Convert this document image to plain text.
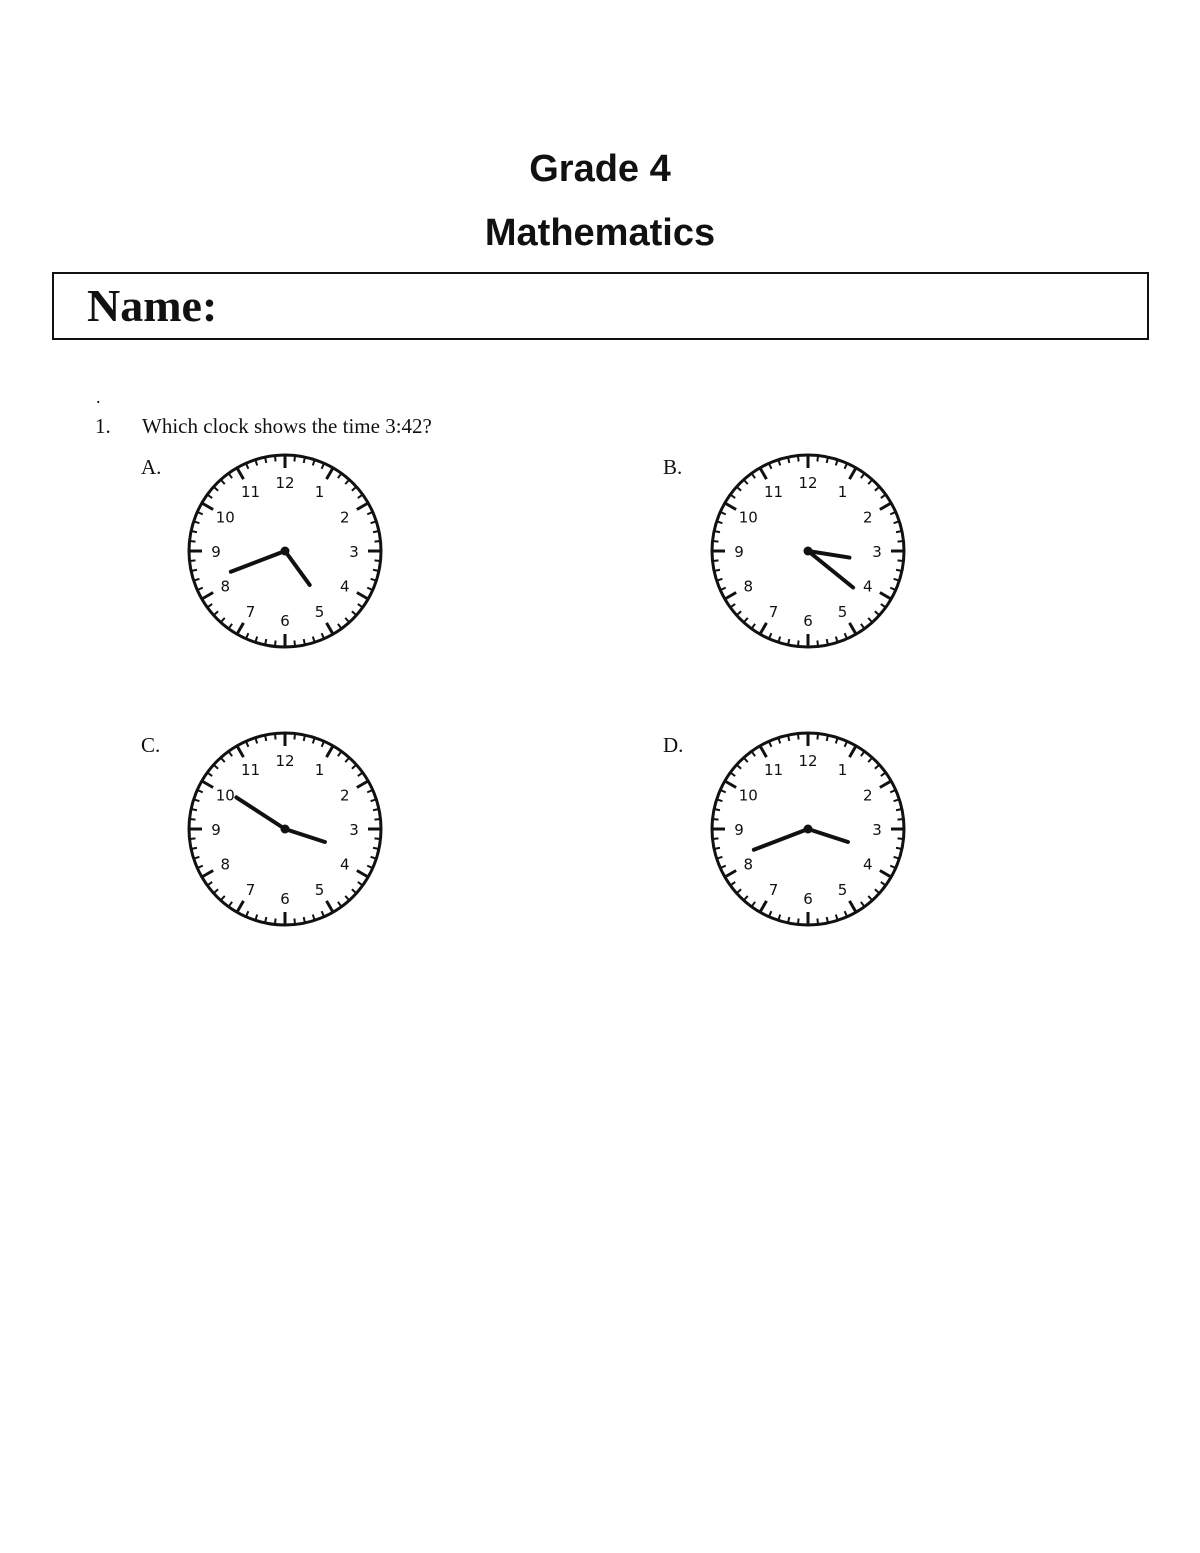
Grade 4
Mathematics
Name:
.
1. Which clock shows the time 3:42?
A.
12
1
2
3
4
5
6
7
8
9
10
11
B.
12
1
2
3
4
5
6
7
8
9
10
11
C.
12
1
2
3
4
5
6
7
8
9
10
11
D.
12
1
2
3
4
5
6
7
8
9
10
11
